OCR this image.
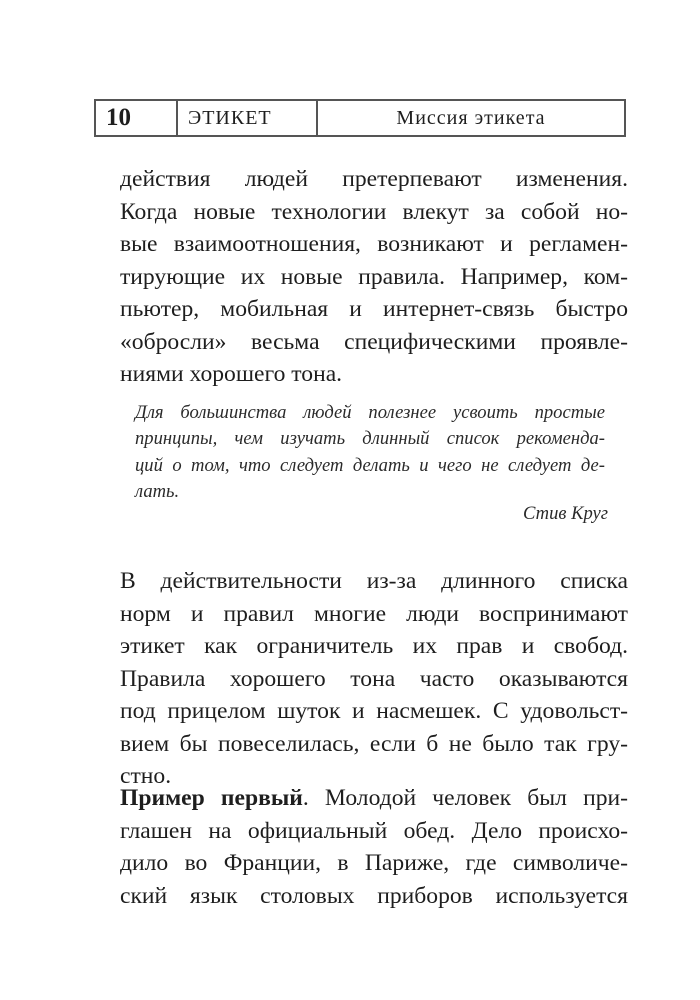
10	ЭТИКЕТ	Миссия этикета

действия людей претерпевают изменения.
Когда новые технологии влекут за собой но-
вые взаимоотношения, возникают и регламен-
тирующие их новые правила. Например, ком-
пьютер, мобильная и интернет-связь быстро
«обросли» весьма специфическими проявле-
ниями хорошего тона.

Для большинства людей полезнее усвоить простые
принципы, чем изучать длинный список рекоменда-
ций о том, что следует делать и чего не следует де-
лать.

Стив Круг

В действительности из-за длинного списка
норм и правил многие люди воспринимают
этикет как ограничитель их прав и свобод.
Правила хорошего тона часто оказываются
под прицелом шуток и насмешек. С удовольст-
вием бы повеселилась, если б не было так гру-
стно.

Пример первый. Молодой человек был при-
глашен на официальный обед. Дело происхо-
дило во Франции, в Париже, где символиче-
ский язык столовых приборов используется
